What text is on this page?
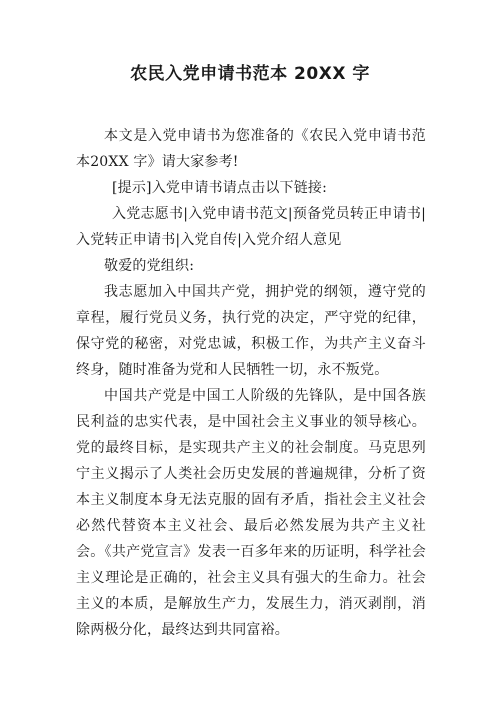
农民入党申请书范本 20XX 字

本文是入党申请书为您准备的《农民入党申请书范本20XX 字》请大家参考!

[提示]入党申请书请点击以下链接:

入党志愿书|入党申请书范文|预备党员转正申请书|入党转正申请书|入党自传|入党介绍人意见

敬爱的党组织:

我志愿加入中国共产党，拥护党的纲领，遵守党的章程，履行党员义务，执行党的决定，严守党的纪律，保守党的秘密，对党忠诚，积极工作，为共产主义奋斗终身，随时准备为党和人民牺牲一切，永不叛党。

中国共产党是中国工人阶级的先锋队，是中国各族民利益的忠实代表，是中国社会主义事业的领导核心。党的最终目标，是实现共产主义的社会制度。马克思列宁主义揭示了人类社会历史发展的普遍规律，分析了资本主义制度本身无法克服的固有矛盾，指社会主义社会必然代替资本主义社会、最后必然发展为共产主义社会。《共产党宣言》发表一百多年来的历证明，科学社会主义理论是正确的，社会主义具有强大的生命力。社会主义的本质，是解放生产力，发展生力，消灭剥削，消除两极分化，最终达到共同富裕。
